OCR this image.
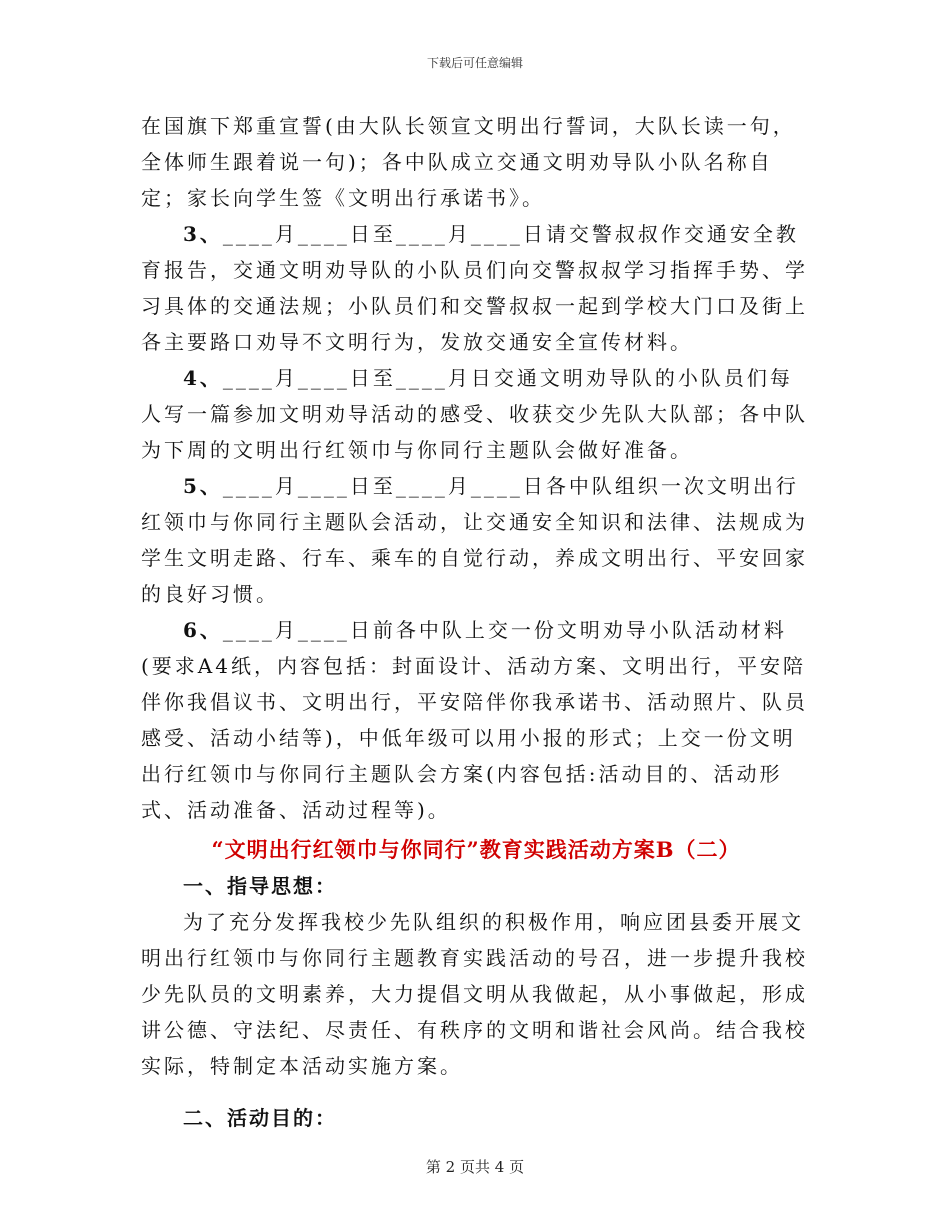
下载后可任意编辑

在国旗下郑重宣誓(由大队长领宣文明出行誓词，大队长读一句，全体师生跟着说一句)；各中队成立交通文明劝导队小队名称自定；家长向学生签《文明出行承诺书》。

3、____月____日至____月____日请交警叔叔作交通安全教育报告，交通文明劝导队的小队员们向交警叔叔学习指挥手势、学习具体的交通法规；小队员们和交警叔叔一起到学校大门口及街上各主要路口劝导不文明行为，发放交通安全宣传材料。

4、____月____日至____月日交通文明劝导队的小队员们每人写一篇参加文明劝导活动的感受、收获交少先队大队部；各中队为下周的文明出行红领巾与你同行主题队会做好准备。

5、____月____日至____月____日各中队组织一次文明出行红领巾与你同行主题队会活动，让交通安全知识和法律、法规成为学生文明走路、行车、乘车的自觉行动，养成文明出行、平安回家的良好习惯。

6、____月____日前各中队上交一份文明劝导小队活动材料(要求A4纸，内容包括：封面设计、活动方案、文明出行，平安陪伴你我倡议书、文明出行，平安陪伴你我承诺书、活动照片、队员感受、活动小结等)，中低年级可以用小报的形式；上交一份文明出行红领巾与你同行主题队会方案(内容包括:活动目的、活动形式、活动准备、活动过程等)。

“文明出行红领巾与你同行”教育实践活动方案B（二）
一、指导思想：

为了充分发挥我校少先队组织的积极作用，响应团县委开展文明出行红领巾与你同行主题教育实践活动的号召，进一步提升我校少先队员的文明素养，大力提倡文明从我做起，从小事做起，形成讲公德、守法纪、尽责任、有秩序的文明和谐社会风尚。结合我校实际，特制定本活动实施方案。

二、活动目的：
第 2 页共 4 页
